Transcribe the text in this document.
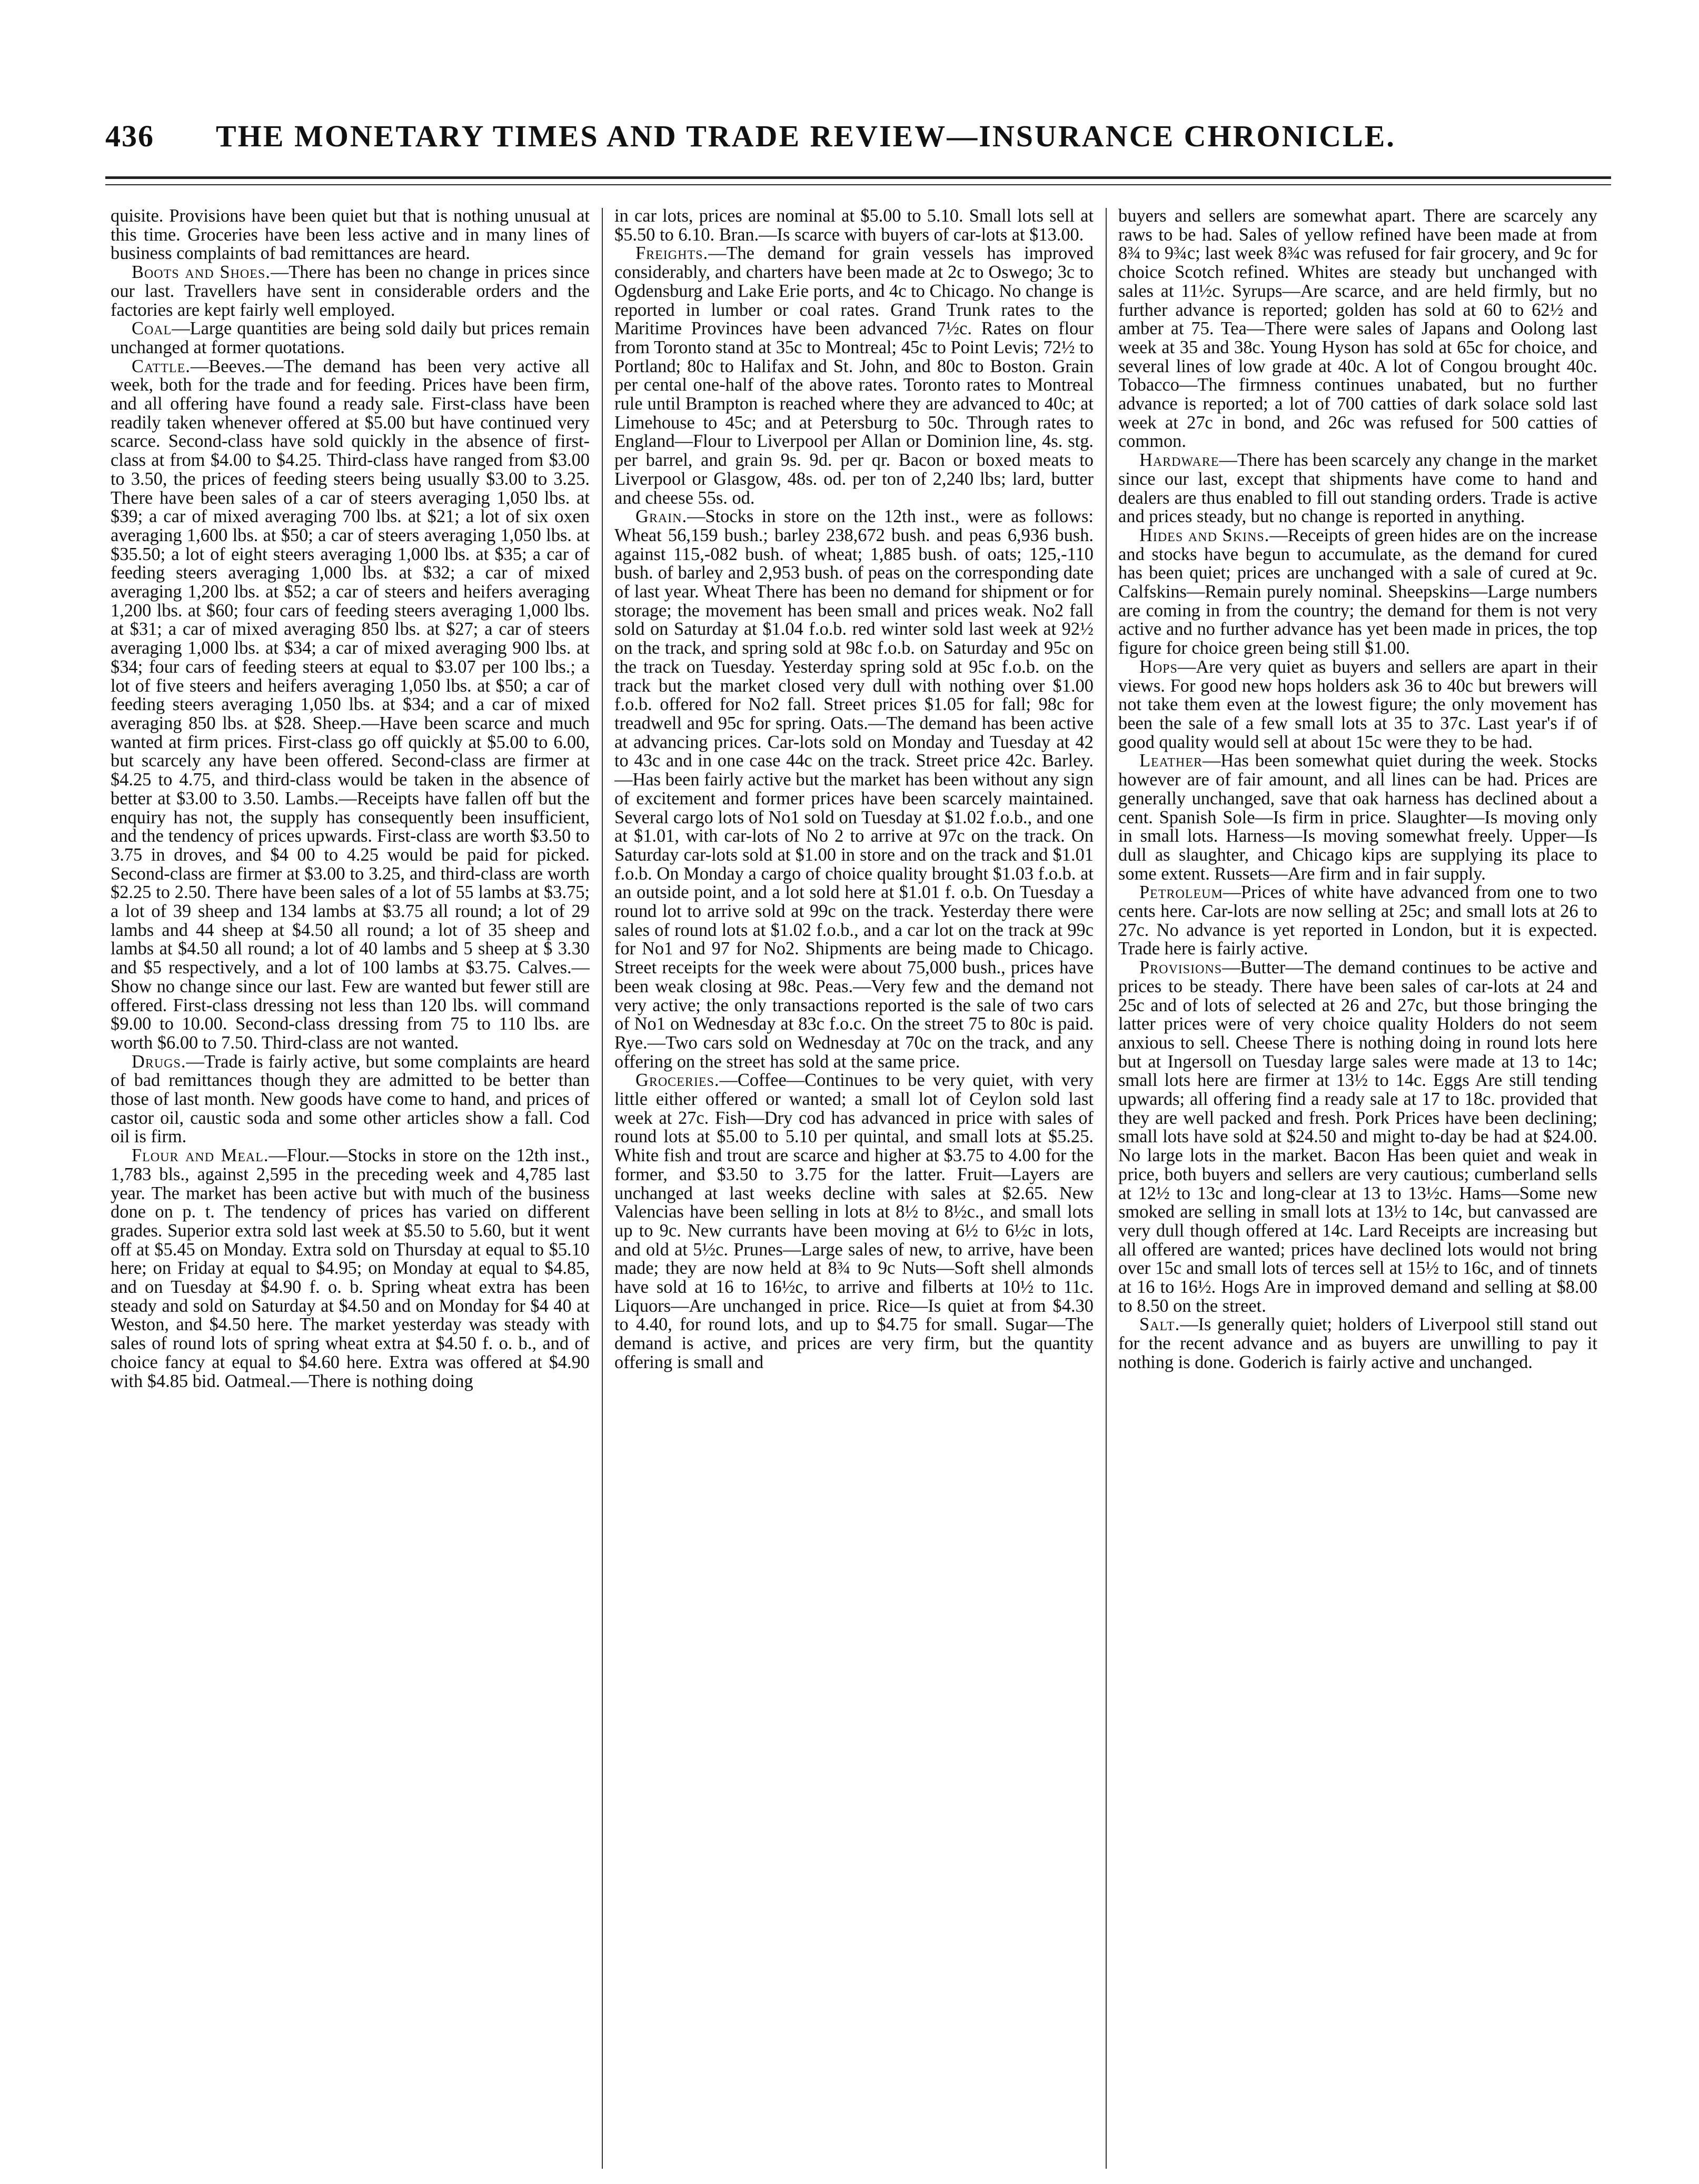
436 THE MONETARY TIMES AND TRADE REVIEW—INSURANCE CHRONICLE.

quisite. Provisions have been quiet but that is nothing unusual at this time. Groceries have been less active and in many lines of business complaints of bad remittances are heard.

Boots and Shoes.—There has been no change in prices since our last. Travellers have sent in considerable orders and the factories are kept fairly well employed.

Coal—Large quantities are being sold daily but prices remain unchanged at former quotations.

Cattle.—Beeves.—The demand has been very active all week, both for the trade and for feeding. Prices have been firm, and all offering have found a ready sale. First-class have been readily taken whenever offered at $5.00 but have continued very scarce. Second-class have sold quickly in the absence of first-class at from $4.00 to $4.25. Third-class have ranged from $3.00 to 3.50, the prices of feeding steers being usually $3.00 to 3.25. There have been sales of a car of steers averaging 1,050 lbs. at $39; a car of mixed averaging 700 lbs. at $21; a lot of six oxen averaging 1,600 lbs. at $50; a car of steers averaging 1,050 lbs. at $35.50; a lot of eight steers averaging 1,000 lbs. at $35; a car of feeding steers averaging 1,000 lbs. at $32; a car of mixed averaging 1,200 lbs. at $52; a car of steers and heifers averaging 1,200 lbs. at $60; four cars of feeding steers averaging 1,000 lbs. at $31; a car of mixed averaging 850 lbs. at $27; a car of steers averaging 1,000 lbs. at $34; a car of mixed averaging 900 lbs. at $34; four cars of feeding steers at equal to $3.07 per 100 lbs.; a lot of five steers and heifers averaging 1,050 lbs. at $50; a car of feeding steers averaging 1,050 lbs. at $34; and a car of mixed averaging 850 lbs. at $28. Sheep.—Have been scarce and much wanted at firm prices. First-class go off quickly at $5.00 to 6.00, but scarcely any have been offered. Second-class are firmer at $4.25 to 4.75, and third-class would be taken in the absence of better at $3.00 to 3.50. Lambs.—Receipts have fallen off but the enquiry has not, the supply has consequently been insufficient, and the tendency of prices upwards. First-class are worth $3.50 to 3.75 in droves, and $4 00 to 4.25 would be paid for picked. Second-class are firmer at $3.00 to 3.25, and third-class are worth $2.25 to 2.50. There have been sales of a lot of 55 lambs at $3.75; a lot of 39 sheep and 134 lambs at $3.75 all round; a lot of 29 lambs and 44 sheep at $4.50 all round; a lot of 35 sheep and lambs at $4.50 all round; a lot of 40 lambs and 5 sheep at $ 3.30 and $5 respectively, and a lot of 100 lambs at $3.75. Calves.—Show no change since our last. Few are wanted but fewer still are offered. First-class dressing not less than 120 lbs. will command $9.00 to 10.00. Second-class dressing from 75 to 110 lbs. are worth $6.00 to 7.50. Third-class are not wanted.

Drugs.—Trade is fairly active, but some complaints are heard of bad remittances though they are admitted to be better than those of last month. New goods have come to hand, and prices of castor oil, caustic soda and some other articles show a fall. Cod oil is firm.

Flour and Meal.—Flour.—Stocks in store on the 12th inst., 1,783 bls., against 2,595 in the preceding week and 4,785 last year. The market has been active but with much of the business done on p. t. The tendency of prices has varied on different grades. Superior extra sold last week at $5.50 to 5.60, but it went off at $5.45 on Monday. Extra sold on Thursday at equal to $5.10 here; on Friday at equal to $4.95; on Monday at equal to $4.85, and on Tuesday at $4.90 f. o. b. Spring wheat extra has been steady and sold on Saturday at $4.50 and on Monday for $4 40 at Weston, and $4.50 here. The market yesterday was steady with sales of round lots of spring wheat extra at $4.50 f. o. b., and of choice fancy at equal to $4.60 here. Extra was offered at $4.90 with $4.85 bid. Oatmeal.—There is nothing doing

in car lots, prices are nominal at $5.00 to 5.10. Small lots sell at $5.50 to 6.10. Bran.—Is scarce with buyers of car-lots at $13.00.

Freights.—The demand for grain vessels has improved considerably, and charters have been made at 2c to Oswego; 3c to Ogdensburg and Lake Erie ports, and 4c to Chicago. No change is reported in lumber or coal rates. Grand Trunk rates to the Maritime Provinces have been advanced 7½c. Rates on flour from Toronto stand at 35c to Montreal; 45c to Point Levis; 72½ to Portland; 80c to Halifax and St. John, and 80c to Boston. Grain per cental one-half of the above rates. Toronto rates to Montreal rule until Brampton is reached where they are advanced to 40c; at Limehouse to 45c; and at Petersburg to 50c. Through rates to England—Flour to Liverpool per Allan or Dominion line, 4s. stg. per barrel, and grain 9s. 9d. per qr. Bacon or boxed meats to Liverpool or Glasgow, 48s. od. per ton of 2,240 lbs; lard, butter and cheese 55s. od.

Grain.—Stocks in store on the 12th inst., were as follows: Wheat 56,159 bush.; barley 238,672 bush. and peas 6,936 bush. against 115,-082 bush. of wheat; 1,885 bush. of oats; 125,-110 bush. of barley and 2,953 bush. of peas on the corresponding date of last year. Wheat There has been no demand for shipment or for storage; the movement has been small and prices weak. No2 fall sold on Saturday at $1.04 f.o.b. red winter sold last week at 92½ on the track, and spring sold at 98c f.o.b. on Saturday and 95c on the track on Tuesday. Yesterday spring sold at 95c f.o.b. on the track but the market closed very dull with nothing over $1.00 f.o.b. offered for No2 fall. Street prices $1.05 for fall; 98c for treadwell and 95c for spring. Oats.—The demand has been active at advancing prices. Car-lots sold on Monday and Tuesday at 42 to 43c and in one case 44c on the track. Street price 42c. Barley.—Has been fairly active but the market has been without any sign of excitement and former prices have been scarcely maintained. Several cargo lots of No1 sold on Tuesday at $1.02 f.o.b., and one at $1.01, with car-lots of No 2 to arrive at 97c on the track. On Saturday car-lots sold at $1.00 in store and on the track and $1.01 f.o.b. On Monday a cargo of choice quality brought $1.03 f.o.b. at an outside point, and a lot sold here at $1.01 f. o.b. On Tuesday a round lot to arrive sold at 99c on the track. Yesterday there were sales of round lots at $1.02 f.o.b., and a car lot on the track at 99c for No1 and 97 for No2. Shipments are being made to Chicago. Street receipts for the week were about 75,000 bush., prices have been weak closing at 98c. Peas.—Very few and the demand not very active; the only transactions reported is the sale of two cars of No1 on Wednesday at 83c f.o.c. On the street 75 to 80c is paid. Rye.—Two cars sold on Wednesday at 70c on the track, and any offering on the street has sold at the same price.

Groceries.—Coffee—Continues to be very quiet, with very little either offered or wanted; a small lot of Ceylon sold last week at 27c. Fish—Dry cod has advanced in price with sales of round lots at $5.00 to 5.10 per quintal, and small lots at $5.25. White fish and trout are scarce and higher at $3.75 to 4.00 for the former, and $3.50 to 3.75 for the latter. Fruit—Layers are unchanged at last weeks decline with sales at $2.65. New Valencias have been selling in lots at 8½ to 8½c., and small lots up to 9c. New currants have been moving at 6½ to 6½c in lots, and old at 5½c. Prunes—Large sales of new, to arrive, have been made; they are now held at 8¾ to 9c Nuts—Soft shell almonds have sold at 16 to 16½c, to arrive and filberts at 10½ to 11c. Liquors—Are unchanged in price. Rice—Is quiet at from $4.30 to 4.40, for round lots, and up to $4.75 for small. Sugar—The demand is active, and prices are very firm, but the quantity offering is small and

buyers and sellers are somewhat apart. There are scarcely any raws to be had. Sales of yellow refined have been made at from 8¾ to 9¾c; last week 8¾c was refused for fair grocery, and 9c for choice Scotch refined. Whites are steady but unchanged with sales at 11½c. Syrups—Are scarce, and are held firmly, but no further advance is reported; golden has sold at 60 to 62½ and amber at 75. Tea—There were sales of Japans and Oolong last week at 35 and 38c. Young Hyson has sold at 65c for choice, and several lines of low grade at 40c. A lot of Congou brought 40c. Tobacco—The firmness continues unabated, but no further advance is reported; a lot of 700 catties of dark solace sold last week at 27c in bond, and 26c was refused for 500 catties of common.

Hardware—There has been scarcely any change in the market since our last, except that shipments have come to hand and dealers are thus enabled to fill out standing orders. Trade is active and prices steady, but no change is reported in anything.

Hides and Skins.—Receipts of green hides are on the increase and stocks have begun to accumulate, as the demand for cured has been quiet; prices are unchanged with a sale of cured at 9c. Calfskins—Remain purely nominal. Sheepskins—Large numbers are coming in from the country; the demand for them is not very active and no further advance has yet been made in prices, the top figure for choice green being still $1.00.

Hops—Are very quiet as buyers and sellers are apart in their views. For good new hops holders ask 36 to 40c but brewers will not take them even at the lowest figure; the only movement has been the sale of a few small lots at 35 to 37c. Last year's if of good quality would sell at about 15c were they to be had.

Leather—Has been somewhat quiet during the week. Stocks however are of fair amount, and all lines can be had. Prices are generally unchanged, save that oak harness has declined about a cent. Spanish Sole—Is firm in price. Slaughter—Is moving only in small lots. Harness—Is moving somewhat freely. Upper—Is dull as slaughter, and Chicago kips are supplying its place to some extent. Russets—Are firm and in fair supply.

Petroleum—Prices of white have advanced from one to two cents here. Car-lots are now selling at 25c; and small lots at 26 to 27c. No advance is yet reported in London, but it is expected. Trade here is fairly active.

Provisions—Butter—The demand continues to be active and prices to be steady. There have been sales of car-lots at 24 and 25c and of lots of selected at 26 and 27c, but those bringing the latter prices were of very choice quality Holders do not seem anxious to sell. Cheese There is nothing doing in round lots here but at Ingersoll on Tuesday large sales were made at 13 to 14c; small lots here are firmer at 13½ to 14c. Eggs Are still tending upwards; all offering find a ready sale at 17 to 18c. provided that they are well packed and fresh. Pork Prices have been declining; small lots have sold at $24.50 and might to-day be had at $24.00. No large lots in the market. Bacon Has been quiet and weak in price, both buyers and sellers are very cautious; cumberland sells at 12½ to 13c and long-clear at 13 to 13½c. Hams—Some new smoked are selling in small lots at 13½ to 14c, but canvassed are very dull though offered at 14c. Lard Receipts are increasing but all offered are wanted; prices have declined lots would not bring over 15c and small lots of terces sell at 15½ to 16c, and of tinnets at 16 to 16½. Hogs Are in improved demand and selling at $8.00 to 8.50 on the street.

Salt.—Is generally quiet; holders of Liverpool still stand out for the recent advance and as buyers are unwilling to pay it nothing is done. Goderich is fairly active and unchanged.
